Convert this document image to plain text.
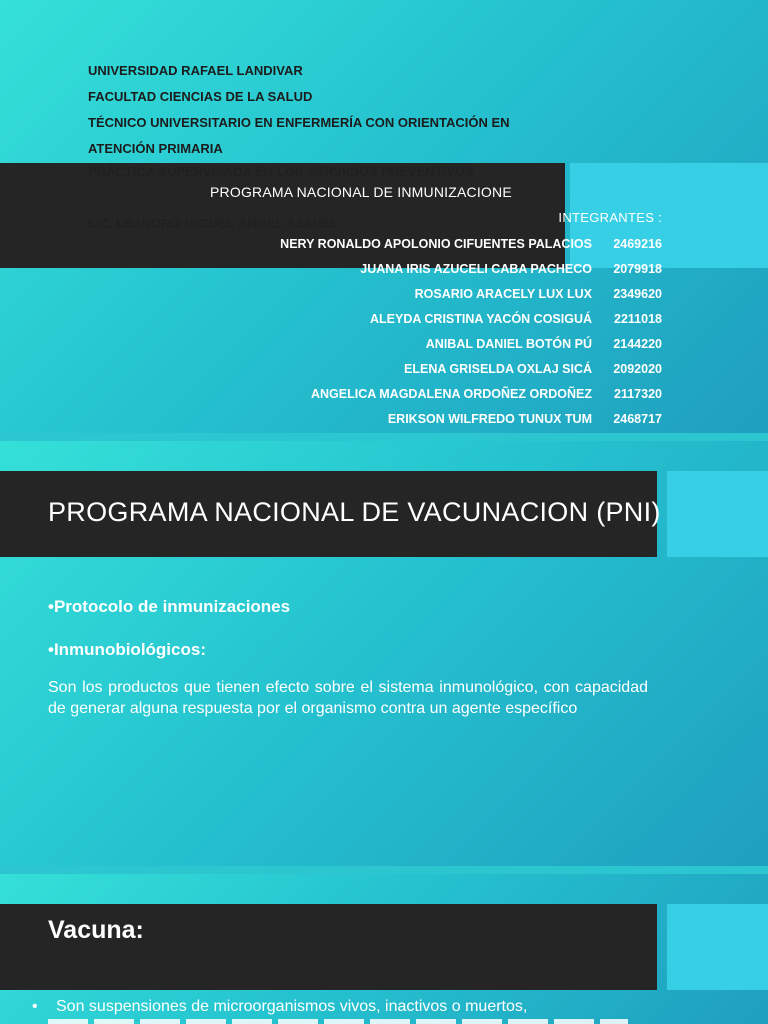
UNIVERSIDAD RAFAEL LANDIVAR
FACULTAD CIENCIAS DE LA SALUD
TÉCNICO UNIVERSITARIO EN ENFERMERÍA CON ORIENTACIÓN EN
ATENCIÓN PRIMARIA
PRÁCTICA SUPERVISADA EN LOS SERVICIOS PREVENTIVOS
PROGRAMA NACIONAL DE INMUNIZACIONE
LIC. LEANDRO MIGUEL ÁNGEL AJANEL	INTEGRANTES :
NERY RONALDO APOLONIO CIFUENTES PALACIOS 2469216
JUANA IRIS AZUCELI CABA PACHECO 2079918
ROSARIO ARACELY LUX LUX 2349620
ALEYDA CRISTINA YACÓN COSIGUÁ 2211018
ANIBAL DANIEL BOTÓN PÚ 2144220
ELENA GRISELDA OXLAJ SICÁ 2092020
ANGELICA MAGDALENA ORDOÑEZ ORDOÑEZ 2117320
ERIKSON WILFREDO TUNUX TUM 2468717
PROGRAMA NACIONAL DE VACUNACION (PNI)
•Protocolo de inmunizaciones
•Inmunobiológicos:

Son los productos que tienen efecto sobre el sistema inmunológico, con capacidad de generar alguna respuesta por el organismo contra un agente específico

Vacuna:
• Son suspensiones de microorganismos vivos, inactivos o muertos,
